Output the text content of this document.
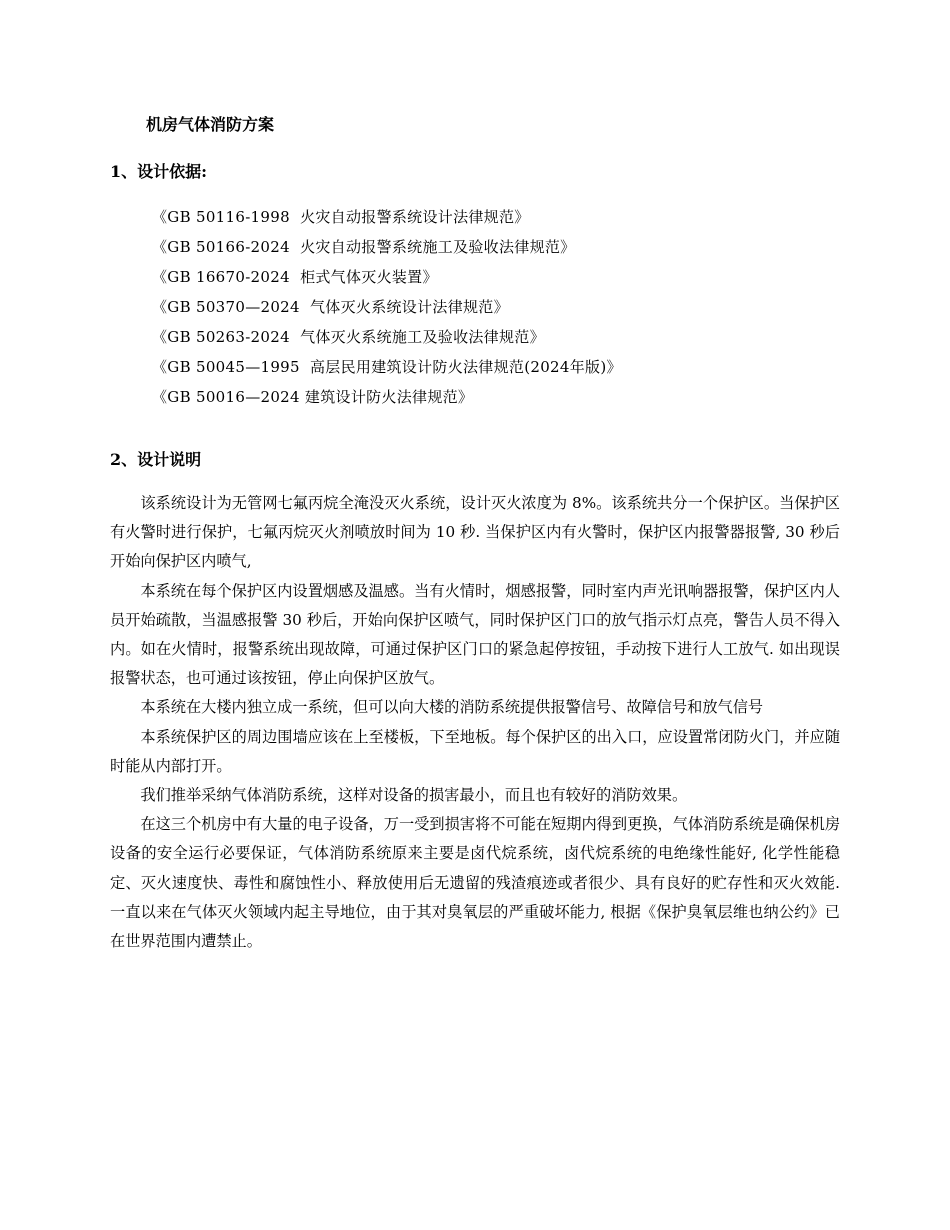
机房气体消防方案
1、设计依据:
《GB 50116-1998  火灾自动报警系统设计法律规范》
《GB 50166-2024  火灾自动报警系统施工及验收法律规范》
《GB 16670-2024  柜式气体灭火装置》
《GB 50370—2024  气体灭火系统设计法律规范》
《GB 50263-2024  气体灭火系统施工及验收法律规范》
《GB 50045—1995  高层民用建筑设计防火法律规范(2024年版)》
《GB 50016—2024 建筑设计防火法律规范》
2、设计说明

该系统设计为无管网七氟丙烷全淹没灭火系统，设计灭火浓度为 8%。该系统共分一个保护区。当保护区有火警时进行保护，七氟丙烷灭火剂喷放时间为 10 秒. 当保护区内有火警时，保护区内报警器报警, 30 秒后开始向保护区内喷气,

本系统在每个保护区内设置烟感及温感。当有火情时，烟感报警，同时室内声光讯响器报警，保护区内人员开始疏散，当温感报警 30 秒后，开始向保护区喷气，同时保护区门口的放气指示灯点亮，警告人员不得入内。如在火情时，报警系统出现故障，可通过保护区门口的紧急起停按钮，手动按下进行人工放气. 如出现误报警状态，也可通过该按钮，停止向保护区放气。

本系统在大楼内独立成一系统，但可以向大楼的消防系统提供报警信号、故障信号和放气信号

本系统保护区的周边围墙应该在上至楼板，下至地板。每个保护区的出入口，应设置常闭防火门，并应随时能从内部打开。

我们推举采纳气体消防系统，这样对设备的损害最小，而且也有较好的消防效果。

在这三个机房中有大量的电子设备，万一受到损害将不可能在短期内得到更换，气体消防系统是确保机房设备的安全运行必要保证，气体消防系统原来主要是卤代烷系统，卤代烷系统的电绝缘性能好, 化学性能稳定、灭火速度快、毒性和腐蚀性小、释放使用后无遗留的残渣痕迹或者很少、具有良好的贮存性和灭火效能. 一直以来在气体灭火领域内起主导地位，由于其对臭氧层的严重破坏能力, 根据《保护臭氧层维也纳公约》已在世界范围内遭禁止。
